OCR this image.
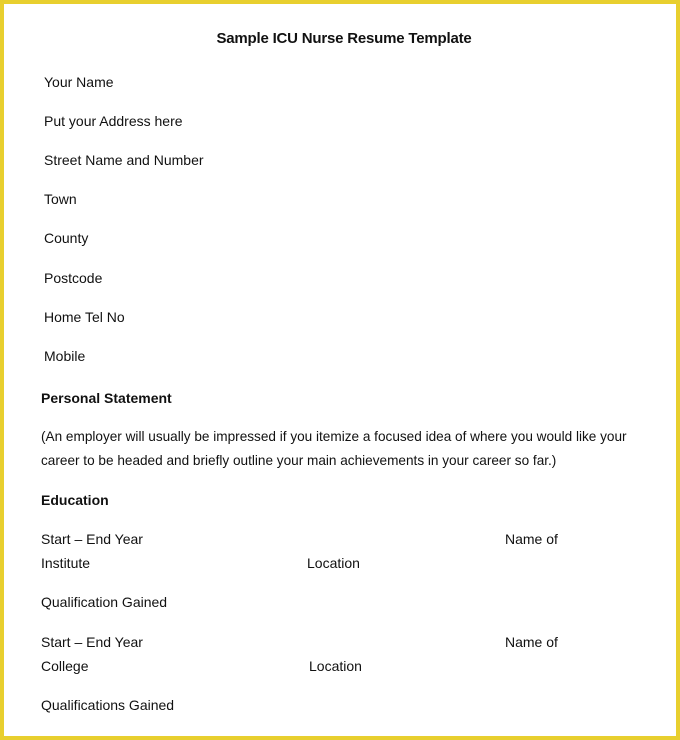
Sample ICU Nurse Resume Template
Your Name
Put your Address here
Street Name and Number
Town
County
Postcode
Home Tel No
Mobile
Personal Statement
(An employer will usually be impressed if you itemize a focused idea of where you would like your
career to be headed and briefly outline your main achievements in your career so far.)
Education
Start – End Year	Name of
Institute	Location
Qualification Gained
Start – End Year	Name of
College	Location
Qualifications Gained
